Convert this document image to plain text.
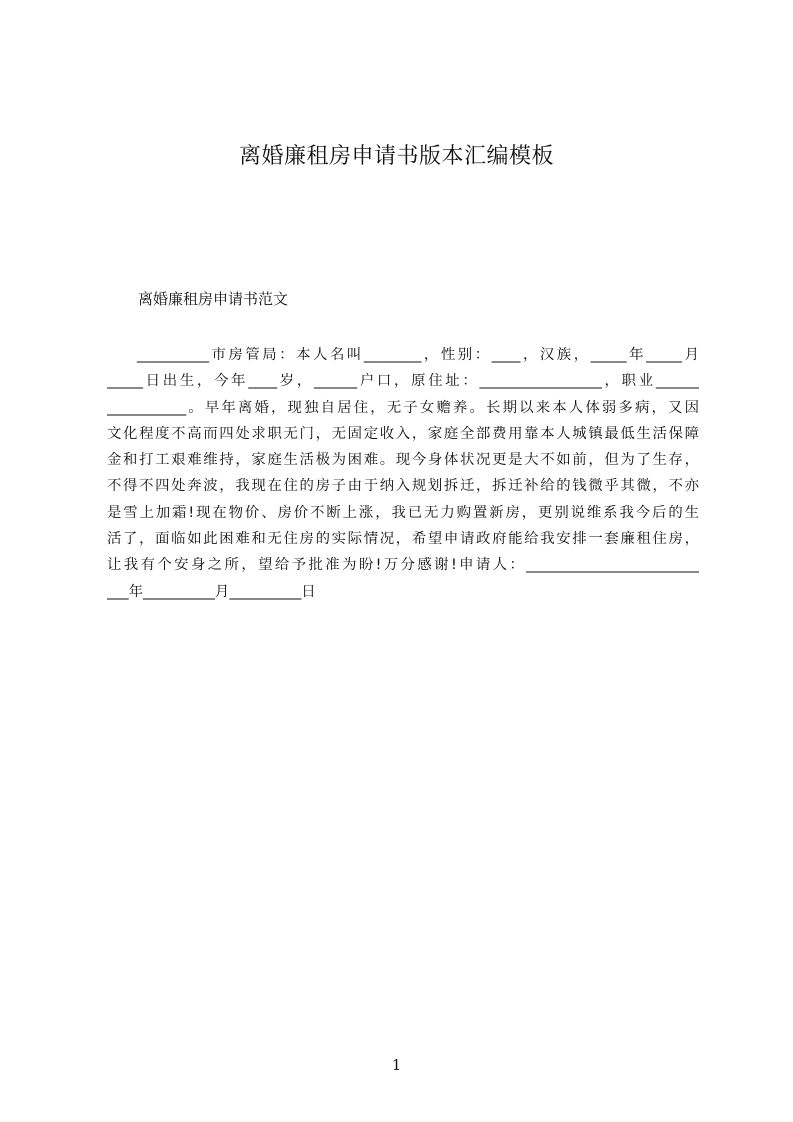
离婚廉租房申请书版本汇编模板
离婚廉租房申请书范文
__________市房管局：本人名叫________，性别：____，汉族，_____年_____月
_____日出生，今年____岁，______户口，原住址：_________________，职业______
___________。早年离婚，现独自居住，无子女赡养。长期以来本人体弱多病，又因
文化程度不高而四处求职无门，无固定收入，家庭全部费用靠本人城镇最低生活保障
金和打工艰难维持，家庭生活极为困难。现今身体状况更是大不如前，但为了生存，
不得不四处奔波，我现在住的房子由于纳入规划拆迁，拆迁补给的钱微乎其微，不亦
是雪上加霜!现在物价、房价不断上涨，我已无力购置新房，更别说维系我今后的生
活了，面临如此困难和无住房的实际情况，希望申请政府能给我安排一套廉租住房，
让我有个安身之所，望给予批准为盼!万分感谢!申请人：________________________
___年__________月__________日
1
